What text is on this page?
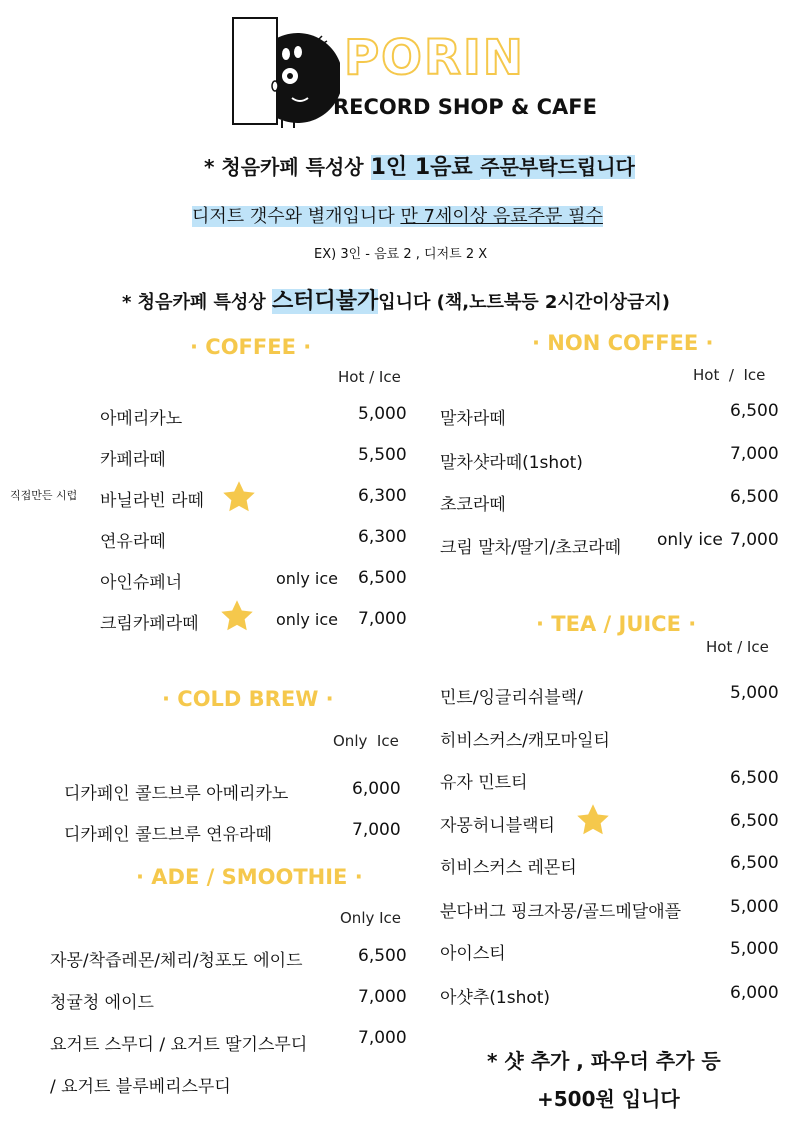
PORIN
RECORD SHOP & CAFE
* 청음카페 특성상 1인 1음료 주문부탁드립니다
디저트 갯수와 별개입니다 만 7세이상 음료주문 필수
EX) 3인 - 음료 2 , 디저트 2 X
* 청음카페 특성상 스터디불가입니다 (책,노트북등 2시간이상금지)
· COFFEE ·
Hot / Ice
직접만든 시럽
아메리카노	5,000
카페라떼	5,500
바닐라빈 라떼	6,300
연유라떼	6,300
아인슈페너	only ice 6,500
크림카페라떼	only ice 7,000
· NON COFFEE ·
Hot  /  Ice
말차라떼	6,500
말차샷라떼(1shot)	7,000
초코라떼	6,500
크림 말차/딸기/초코라떼 only ice 7,000
· COLD BREW ·
Only  Ice
디카페인 콜드브루 아메리카노	6,000
디카페인 콜드브루 연유라떼	7,000
· ADE / SMOOTHIE ·
Only Ice
자몽/착즙레몬/체리/청포도 에이드	6,500
청귤청 에이드	7,000
요거트 스무디 / 요거트 딸기스무디	7,000
/ 요거트 블루베리스무디
· TEA / JUICE ·
Hot / Ice
민트/잉글리쉬블랙/	5,000
히비스커스/캐모마일티
유자 민트티	6,500
자몽허니블랙티	6,500
히비스커스 레몬티	6,500
분다버그 핑크자몽/골드메달애플	5,000
아이스티	5,000
아샷추(1shot)	6,000
* 샷 추가 , 파우더 추가 등
+500원 입니다
